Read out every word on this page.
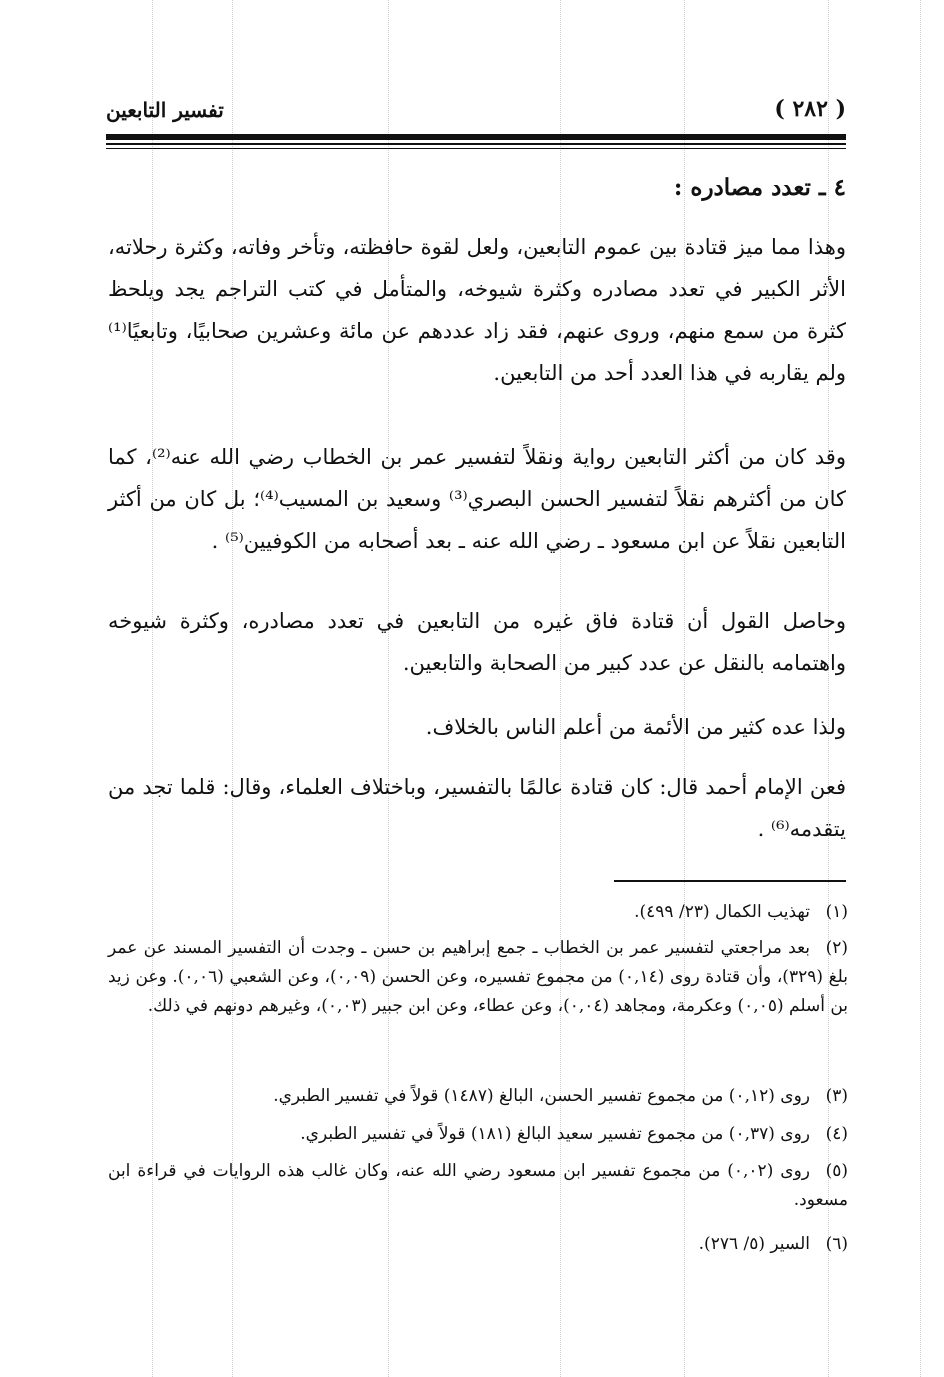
( ٢٨٢ )
تفسير التابعين
٤ ـ تعدد مصادره :
وهذا مما ميز قتادة بين عموم التابعين، ولعل لقوة حافظته، وتأخر وفاته، وكثرة رحلاته، الأثر الكبير في تعدد مصادره وكثرة شيوخه، والمتأمل في كتب التراجم يجد ويلحظ كثرة من سمع منهم، وروى عنهم، فقد زاد عددهم عن مائة وعشرين صحابيًا، وتابعيًا⁽¹⁾ ولم يقاربه في هذا العدد أحد من التابعين.
وقد كان من أكثر التابعين رواية ونقلاً لتفسير عمر بن الخطاب رضي الله عنه⁽²⁾، كما كان من أكثرهم نقلاً لتفسير الحسن البصري⁽³⁾ وسعيد بن المسيب⁽⁴⁾؛ بل كان من أكثر التابعين نقلاً عن ابن مسعود ـ رضي الله عنه ـ بعد أصحابه من الكوفيين⁽⁵⁾ .
وحاصل القول أن قتادة فاق غيره من التابعين في تعدد مصادره، وكثرة شيوخه واهتمامه بالنقل عن عدد كبير من الصحابة والتابعين.
ولذا عده كثير من الأئمة من أعلم الناس بالخلاف.
فعن الإمام أحمد قال: كان قتادة عالمًا بالتفسير، وباختلاف العلماء، وقال: قلما تجد من يتقدمه⁽⁶⁾ .
(١)تهذيب الكمال (٢٣/ ٤٩٩).
(٢)بعد مراجعتي لتفسير عمر بن الخطاب ـ جمع إبراهيم بن حسن ـ وجدت أن التفسير المسند عن عمر بلغ (٣٢٩)، وأن قتادة روى (٠,١٤) من مجموع تفسيره، وعن الحسن (٠,٠٩)، وعن الشعبي (٠,٠٦). وعن زيد بن أسلم (٠,٠٥) وعكرمة، ومجاهد (٠,٠٤)، وعن عطاء، وعن ابن جبير (٠,٠٣)، وغيرهم دونهم في ذلك.
(٣)روى (٠,١٢) من مجموع تفسير الحسن، البالغ (١٤٨٧) قولاً في تفسير الطبري.
(٤)روى (٠,٣٧) من مجموع تفسير سعيد البالغ (١٨١) قولاً في تفسير الطبري.
(٥)روى (٠,٠٢) من مجموع تفسير ابن مسعود رضي الله عنه، وكان غالب هذه الروايات في قراءة ابن مسعود.
(٦)السير (٥/ ٢٧٦).
